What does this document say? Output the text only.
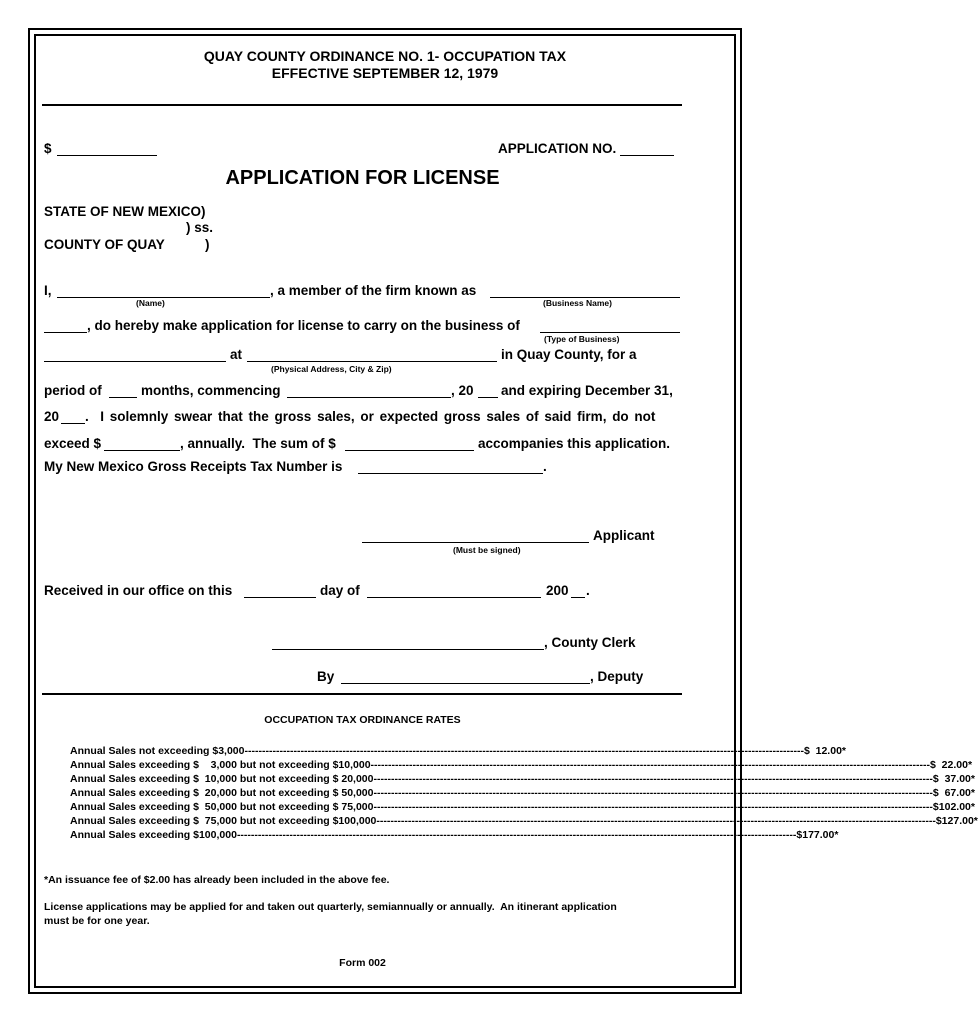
QUAY COUNTY ORDINANCE NO. 1- OCCUPATION TAX
EFFECTIVE SEPTEMBER 12, 1979
$	APPLICATION NO.
APPLICATION FOR LICENSE
STATE OF NEW MEXICO)
) ss.
COUNTY OF QUAY	)
I,	, a member of the firm known as
(Name)	(Business Name)
, do hereby make application for license to carry on the business of
(Type of Business)
at	in Quay County, for a
(Physical Address, City & Zip)
period of	months, commencing	, 20 and expiring December 31,
20 .  I solemnly swear that the gross sales, or expected gross sales of said firm, do not
exceed $	, annually.  The sum of $	accompanies this application.
My New Mexico Gross Receipts Tax Number is	.
Applicant
(Must be signed)
Received in our office on this	day of	200 .
, County Clerk
By	, Deputy
OCCUPATION TAX ORDINANCE RATES
Annual Sales not exceeding $3,000 ---------------------------------------------------------------------------------------------------------------------------------------------------------------- $  12.00*
Annual Sales exceeding $    3,000 but not exceeding $10,000 ---------------------------------------------------------------------------------------------------------------------------------------------------------------- $  22.00*
Annual Sales exceeding $  10,000 but not exceeding $ 20,000 ---------------------------------------------------------------------------------------------------------------------------------------------------------------- $  37.00*
Annual Sales exceeding $  20,000 but not exceeding $ 50,000 ---------------------------------------------------------------------------------------------------------------------------------------------------------------- $  67.00*
Annual Sales exceeding $  50,000 but not exceeding $ 75,000 ---------------------------------------------------------------------------------------------------------------------------------------------------------------- $102.00*
Annual Sales exceeding $  75,000 but not exceeding $100,000 ---------------------------------------------------------------------------------------------------------------------------------------------------------------- $127.00*
Annual Sales exceeding $100,000 ---------------------------------------------------------------------------------------------------------------------------------------------------------------- $177.00*
*An issuance fee of $2.00 has already been included in the above fee.
License applications may be applied for and taken out quarterly, semiannually or annually.  An itinerant application
must be for one year.
Form 002
